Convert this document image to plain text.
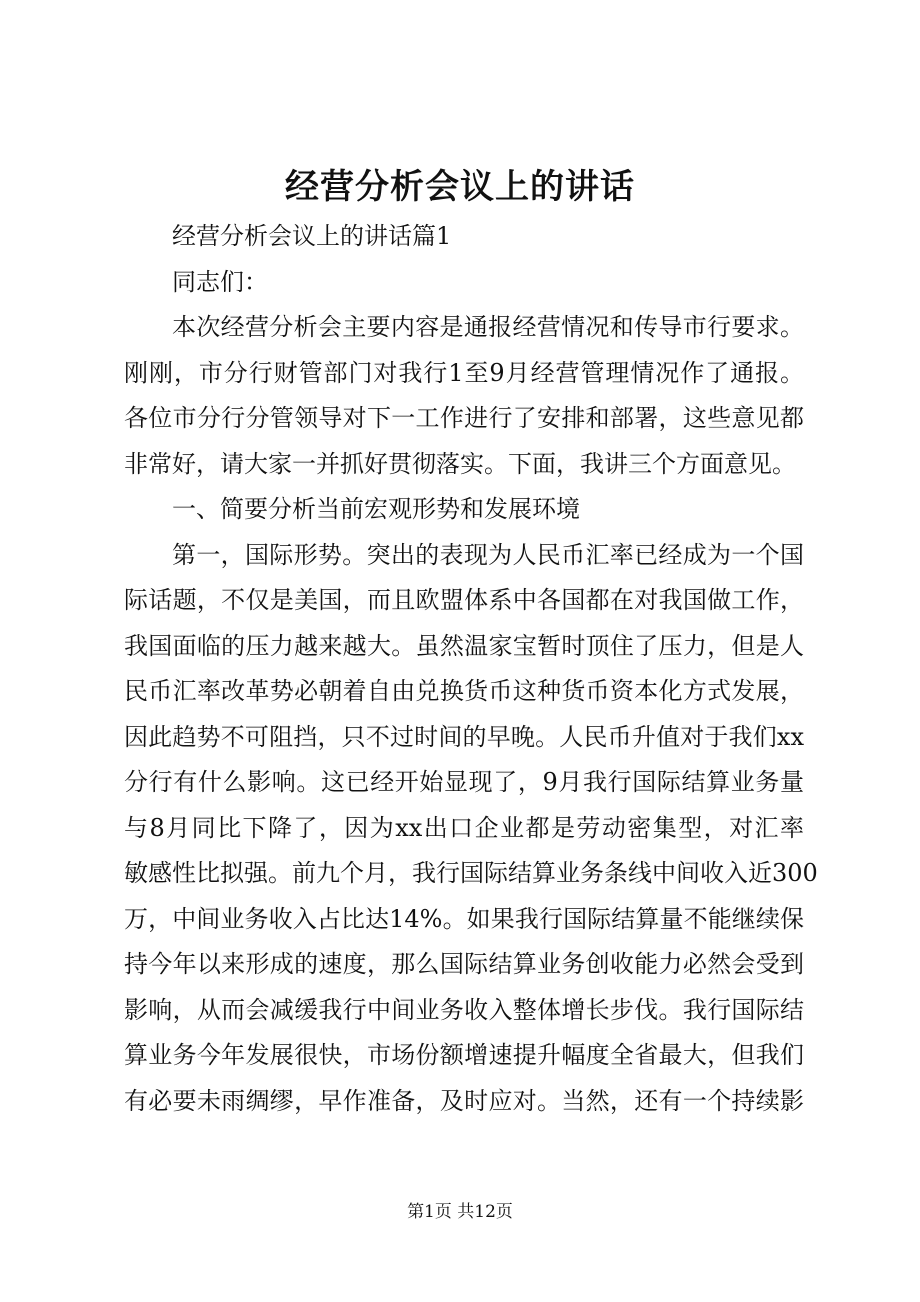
经营分析会议上的讲话

经营分析会议上的讲话篇1

同志们：

本次经营分析会主要内容是通报经营情况和传导市行要求。
刚刚，市分行财管部门对我行1至9月经营管理情况作了通报。
各位市分行分管领导对下一工作进行了安排和部署，这些意见都
非常好，请大家一并抓好贯彻落实。下面，我讲三个方面意见。

一、简要分析当前宏观形势和发展环境

第一，国际形势。突出的表现为人民币汇率已经成为一个国
际话题，不仅是美国，而且欧盟体系中各国都在对我国做工作，
我国面临的压力越来越大。虽然温家宝暂时顶住了压力，但是人
民币汇率改革势必朝着自由兑换货币这种货币资本化方式发展，
因此趋势不可阻挡，只不过时间的早晚。人民币升值对于我们xx
分行有什么影响。这已经开始显现了，9月我行国际结算业务量
与8月同比下降了，因为xx出口企业都是劳动密集型，对汇率
敏感性比拟强。前九个月，我行国际结算业务条线中间收入近300
万，中间业务收入占比达14%。如果我行国际结算量不能继续保
持今年以来形成的速度，那么国际结算业务创收能力必然会受到
影响，从而会减缓我行中间业务收入整体增长步伐。我行国际结
算业务今年发展很快，市场份额增速提升幅度全省最大，但我们
有必要未雨绸缪，早作准备，及时应对。当然，还有一个持续影
第1页 共12页
